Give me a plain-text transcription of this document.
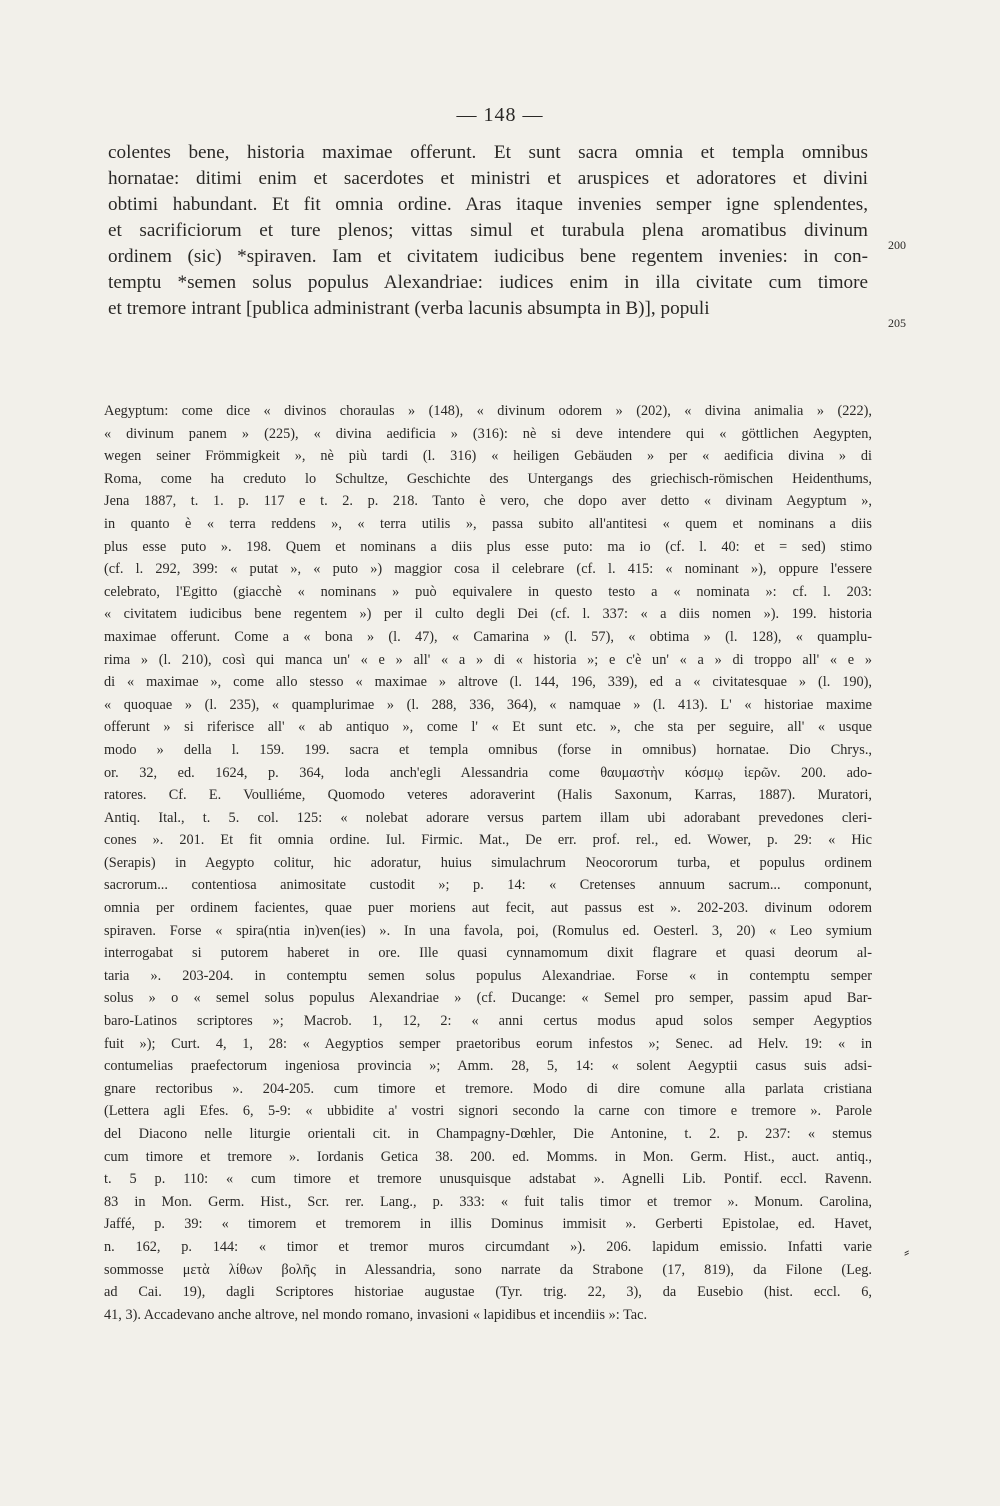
— 148 —
colentes bene, historia maximae offerunt. Et sunt sacra omnia et templa omnibus
hornatae: ditimi enim et sacerdotes et ministri et aruspices et adoratores et divini
obtimi habundant. Et fit omnia ordine. Aras itaque invenies semper igne splendentes,
et sacrificiorum et ture plenos; vittas simul et turabula plena aromatibus divinum
ordinem (sic) *spiraven. Iam et civitatem iudicibus bene regentem invenies: in con-
temptu *semen solus populus Alexandriae: iudices enim in illa civitate cum timore
et tremore intrant [publica administrant (verba lacunis absumpta in B)], populi
200
205
Aegyptum: come dice « divinos choraulas » (148), « divinum odorem » (202), « divina animalia » (222),
« divinum panem » (225), « divina aedificia » (316): nè si deve intendere qui « göttlichen Aegypten,
wegen seiner Frömmigkeit », nè più tardi (l. 316) « heiligen Gebäuden » per « aedificia divina » di
Roma, come ha creduto lo Schultze, Geschichte des Untergangs des griechisch-römischen Heidenthums,
Jena 1887, t. 1. p. 117 e t. 2. p. 218. Tanto è vero, che dopo aver detto « divinam Aegyptum »,
in quanto è « terra reddens », « terra utilis », passa subito all'antitesi « quem et nominans a diis
plus esse puto ». 198. Quem et nominans a diis plus esse puto: ma io (cf. l. 40: et = sed) stimo
(cf. l. 292, 399: « putat », « puto ») maggior cosa il celebrare (cf. l. 415: « nominant »), oppure l'essere
celebrato, l'Egitto (giacchè « nominans » può equivalere in questo testo a « nominata »: cf. l. 203:
« civitatem iudicibus bene regentem ») per il culto degli Dei (cf. l. 337: « a diis nomen »). 199. historia
maximae offerunt. Come a « bona » (l. 47), « Camarina » (l. 57), « obtima » (l. 128), « quamplu-
rima » (l. 210), così qui manca un' « e » all' « a » di « historia »; e c'è un' « a » di troppo all' « e »
di « maximae », come allo stesso « maximae » altrove (l. 144, 196, 339), ed a « civitatesquae » (l. 190),
« quoquae » (l. 235), « quamplurimae » (l. 288, 336, 364), « namquae » (l. 413). L' « historiae maxime
offerunt » si riferisce all' « ab antiquo », come l' « Et sunt etc. », che sta per seguire, all' « usque
modo » della l. 159. 199. sacra et templa omnibus (forse in omnibus) hornatae. Dio Chrys.,
or. 32, ed. 1624, p. 364, loda anch'egli Alessandria come θαυμαστὴν κόσμῳ ἱερῶν. 200. ado-
ratores. Cf. E. Voulliéme, Quomodo veteres adoraverint (Halis Saxonum, Karras, 1887). Muratori,
Antiq. Ital., t. 5. col. 125: « nolebat adorare versus partem illam ubi adorabant prevedones cleri-
cones ». 201. Et fit omnia ordine. Iul. Firmic. Mat., De err. prof. rel., ed. Wower, p. 29: « Hic
(Serapis) in Aegypto colitur, hic adoratur, huius simulachrum Neocororum turba, et populus ordinem
sacrorum... contentiosa animositate custodit »; p. 14: « Cretenses annuum sacrum... componunt,
omnia per ordinem facientes, quae puer moriens aut fecit, aut passus est ». 202-203. divinum odorem
spiraven. Forse « spira(ntia in)ven(ies) ». In una favola, poi, (Romulus ed. Oesterl. 3, 20) « Leo symium
interrogabat si putorem haberet in ore. Ille quasi cynnamomum dixit flagrare et quasi deorum al-
taria ». 203-204. in contemptu semen solus populus Alexandriae. Forse « in contemptu semper
solus » o « semel solus populus Alexandriae » (cf. Ducange: « Semel pro semper, passim apud Bar-
baro-Latinos scriptores »; Macrob. 1, 12, 2: « anni certus modus apud solos semper Aegyptios
fuit »); Curt. 4, 1, 28: « Aegyptios semper praetoribus eorum infestos »; Senec. ad Helv. 19: « in
contumelias praefectorum ingeniosa provincia »; Amm. 28, 5, 14: « solent Aegyptii casus suis adsi-
gnare rectoribus ». 204-205. cum timore et tremore. Modo di dire comune alla parlata cristiana
(Lettera agli Efes. 6, 5-9: « ubbidite a' vostri signori secondo la carne con timore e tremore ». Parole
del Diacono nelle liturgie orientali cit. in Champagny-Dœhler, Die Antonine, t. 2. p. 237: « stemus
cum timore et tremore ». Iordanis Getica 38. 200. ed. Momms. in Mon. Germ. Hist., auct. antiq.,
t. 5 p. 110: « cum timore et tremore unusquisque adstabat ». Agnelli Lib. Pontif. eccl. Ravenn.
83 in Mon. Germ. Hist., Scr. rer. Lang., p. 333: « fuit talis timor et tremor ». Monum. Carolina,
Jaffé, p. 39: « timorem et tremorem in illis Dominus immisit ». Gerberti Epistolae, ed. Havet,
n. 162, p. 144: « timor et tremor muros circumdant »). 206. lapidum emissio. Infatti varie
sommosse μετὰ λίθων βολῆς in Alessandria, sono narrate da Strabone (17, 819), da Filone (Leg.
ad Cai. 19), dagli Scriptores historiae augustae (Tyr. trig. 22, 3), da Eusebio (hist. eccl. 6,
41, 3). Accadevano anche altrove, nel mondo romano, invasioni « lapidibus et incendiis »: Tac.
⸗
